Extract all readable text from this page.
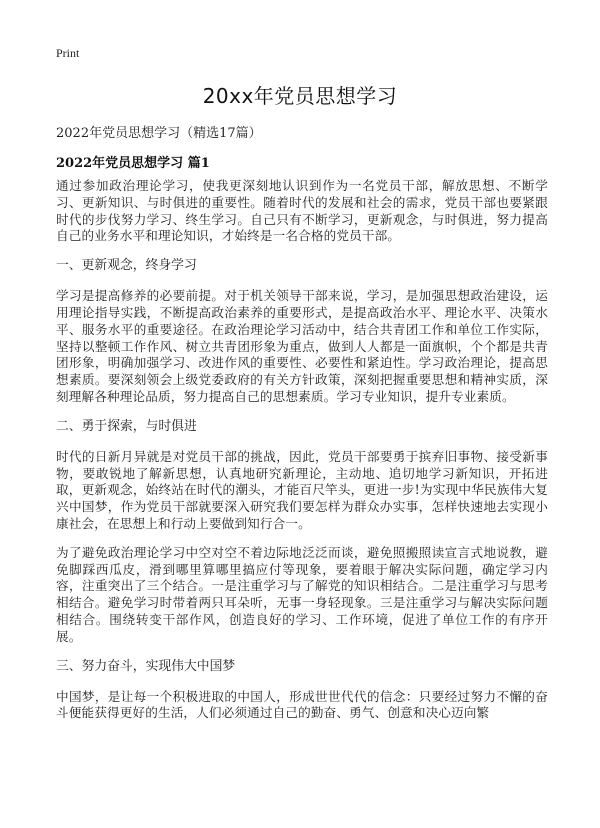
Print
20xx年党员思想学习
2022年党员思想学习（精选17篇）
2022年党员思想学习 篇1

通过参加政治理论学习，使我更深刻地认识到作为一名党员干部，解放思想、不断学习、更新知识、与时俱进的重要性。随着时代的发展和社会的需求，党员干部也要紧跟时代的步伐努力学习、终生学习。自己只有不断学习，更新观念，与时俱进，努力提高自己的业务水平和理论知识，才始终是一名合格的党员干部。

一、更新观念，终身学习

学习是提高修养的必要前提。对于机关领导干部来说，学习，是加强思想政治建设，运用理论指导实践，不断提高政治素养的重要形式，是提高政治水平、理论水平、决策水平、服务水平的重要途径。在政治理论学习活动中，结合共青团工作和单位工作实际，坚持以整顿工作作风、树立共青团形象为重点，做到人人都是一面旗帜，个个都是共青团形象，明确加强学习、改进作风的重要性、必要性和紧迫性。学习政治理论，提高思想素质。要深刻领会上级党委政府的有关方针政策，深刻把握重要思想和精神实质，深刻理解各种理论品质，努力提高自己的思想素质。学习专业知识，提升专业素质。

二、勇于探索，与时俱进

时代的日新月异就是对党员干部的挑战，因此，党员干部要勇于摈弃旧事物、接受新事物，要敢锐地了解新思想，认真地研究新理论，主动地、追切地学习新知识，开拓进取，更新观念，始终站在时代的潮头，才能百尺竿头，更进一步!为实现中华民族伟大复兴中国梦，作为党员干部就要深入研究我们要怎样为群众办实事，怎样快速地去实现小康社会，在思想上和行动上要做到知行合一。

为了避免政治理论学习中空对空不着边际地泛泛而谈，避免照搬照读宣言式地说教，避免脚踩西瓜皮，滑到哪里算哪里搞应付等现象，要着眼于解决实际问题，确定学习内容，注重突出了三个结合。一是注重学习与了解党的知识相结合。二是注重学习与思考相结合。避免学习时带着两只耳朵听，无事一身轻现象。三是注重学习与解决实际问题相结合。围绕转变干部作风，创造良好的学习、工作环境，促进了单位工作的有序开展。

三、努力奋斗，实现伟大中国梦

中国梦，是让每一个积极进取的中国人，形成世世代代的信念：只要经过努力不懈的奋斗便能获得更好的生活，人们必须通过自己的勤奋、勇气、创意和决心迈向繁
